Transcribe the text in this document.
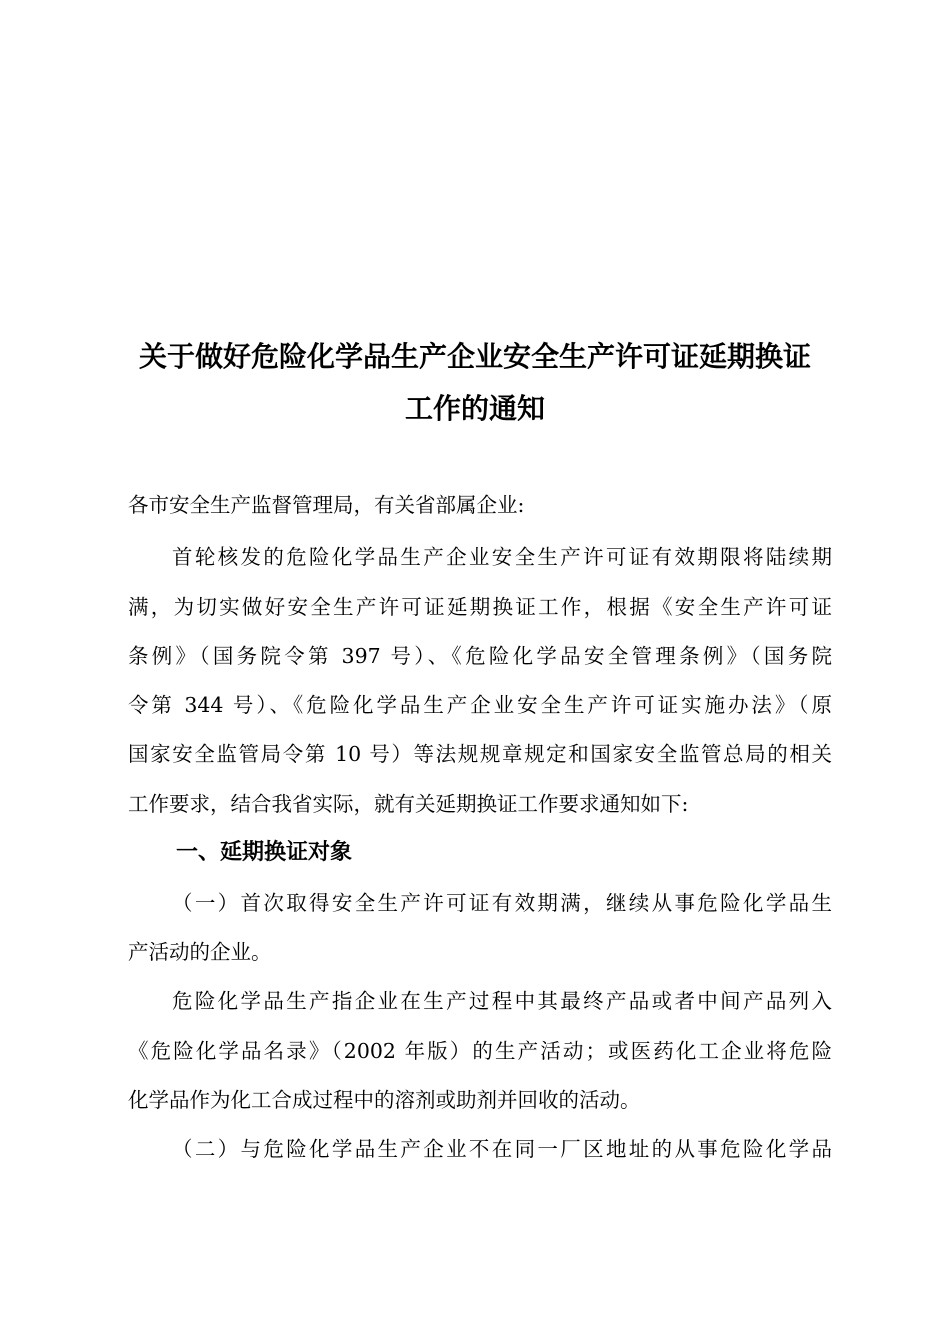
关于做好危险化学品生产企业安全生产许可证延期换证
工作的通知
各市安全生产监督管理局，有关省部属企业:
首轮核发的危险化学品生产企业安全生产许可证有效期限将陆续期
满，为切实做好安全生产许可证延期换证工作，根据《安全生产许可证
条例》（国务院令第 397 号）、《危险化学品安全管理条例》（国务院
令第 344 号）、《危险化学品生产企业安全生产许可证实施办法》（原
国家安全监管局令第 10 号）等法规规章规定和国家安全监管总局的相关
工作要求，结合我省实际，就有关延期换证工作要求通知如下:
一、延期换证对象
（一）首次取得安全生产许可证有效期满，继续从事危险化学品生
产活动的企业。
危险化学品生产指企业在生产过程中其最终产品或者中间产品列入
《危险化学品名录》（2002 年版）的生产活动；或医药化工企业将危险
化学品作为化工合成过程中的溶剂或助剂并回收的活动。
（二）与危险化学品生产企业不在同一厂区地址的从事危险化学品
